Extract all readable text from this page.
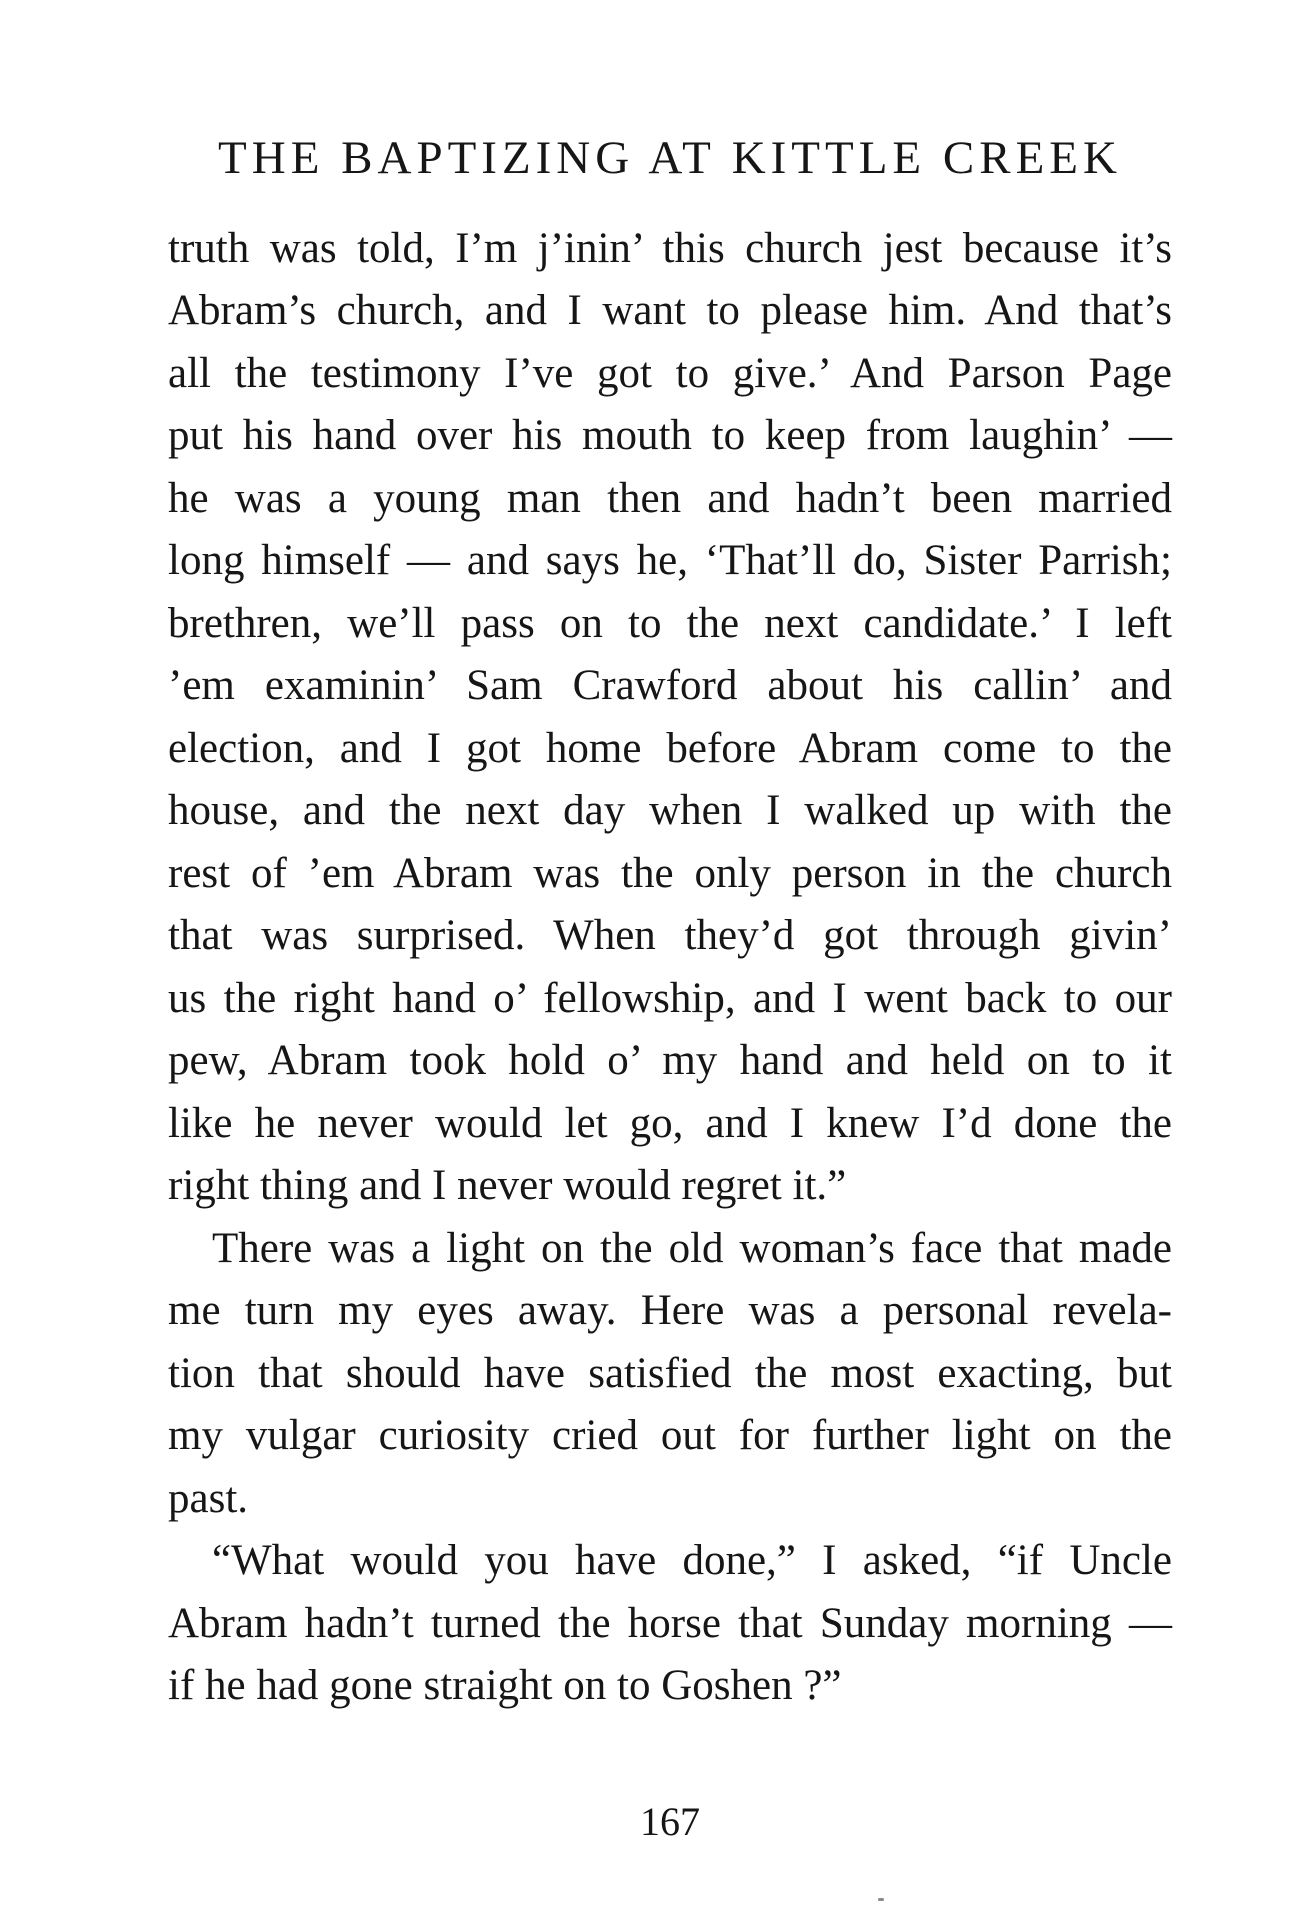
THE BAPTIZING AT KITTLE CREEK
truth was told, I’m j’inin’ this church jest because it’s
Abram’s church, and I want to please him. And that’s
all the testimony I’ve got to give.’ And Parson Page
put his hand over his mouth to keep from laughin’ —
he was a young man then and hadn’t been married
long himself — and says he, ‘That’ll do, Sister Parrish;
brethren, we’ll pass on to the next candidate.’ I left
’em examinin’ Sam Crawford about his callin’ and
election, and I got home before Abram come to the
house, and the next day when I walked up with the
rest of ’em Abram was the only person in the church
that was surprised. When they’d got through givin’
us the right hand o’ fellowship, and I went back to our
pew, Abram took hold o’ my hand and held on to it
like he never would let go, and I knew I’d done the
right thing and I never would regret it.”
There was a light on the old woman’s face that made
me turn my eyes away. Here was a personal revela-
tion that should have satisfied the most exacting, but
my vulgar curiosity cried out for further light on the
past.
“What would you have done,” I asked, “if Uncle
Abram hadn’t turned the horse that Sunday morning —
if he had gone straight on to Goshen ?”
167
